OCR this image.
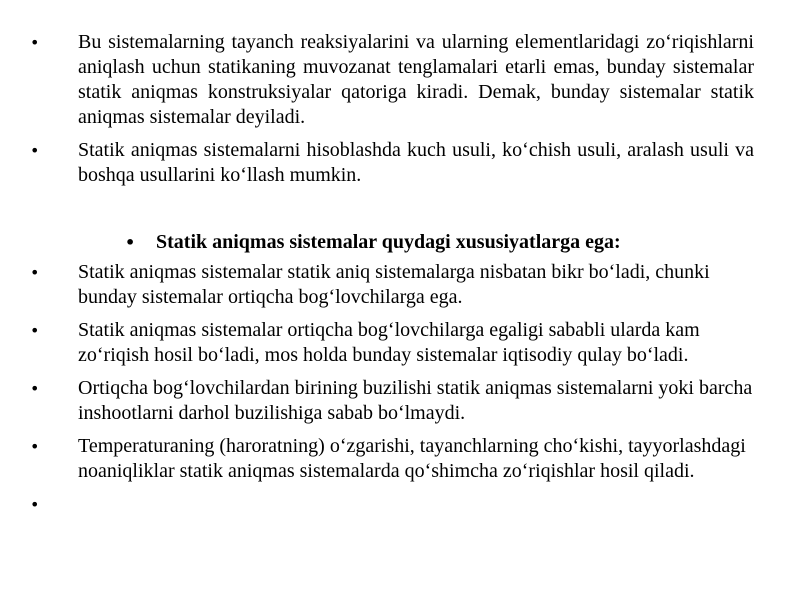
•	Bu sistemalarning tayanch reaksiyalarini va ularning elementlaridagi zoʻriqishlarni aniqlash uchun statikaning muvozanat tenglamalari etarli emas, bunday sistemalar statik aniqmas konstruksiyalar qatoriga kiradi. Demak, bunday sistemalar statik aniqmas sistemalar deyiladi.
•	Statik aniqmas sistemalarni hisoblashda kuch usuli, koʻchish usuli, aralash usuli va boshqa usullarini koʻllash mumkin.
•	Statik aniqmas sistemalar quydagi xususiyatlarga ega:
•	Statik aniqmas sistemalar statik aniq sistemalarga nisbatan bikr boʻladi, chunki bunday sistemalar ortiqcha bogʻlovchilarga ega.
•	Statik aniqmas sistemalar ortiqcha bogʻlovchilarga egaligi sababli ularda kam zoʻriqish hosil boʻladi, mos holda bunday sistemalar iqtisodiy qulay boʻladi.
•	Ortiqcha bogʻlovchilardan birining buzilishi statik aniqmas sistemalarni yoki barcha inshootlarni darhol buzilishiga sabab boʻlmaydi.
•	Temperaturaning (haroratning) oʻzgarishi, tayanchlarning choʻkishi, tayyorlashdagi noaniqliklar statik aniqmas sistemalarda qoʻshimcha zoʻriqishlar hosil qiladi.
•
